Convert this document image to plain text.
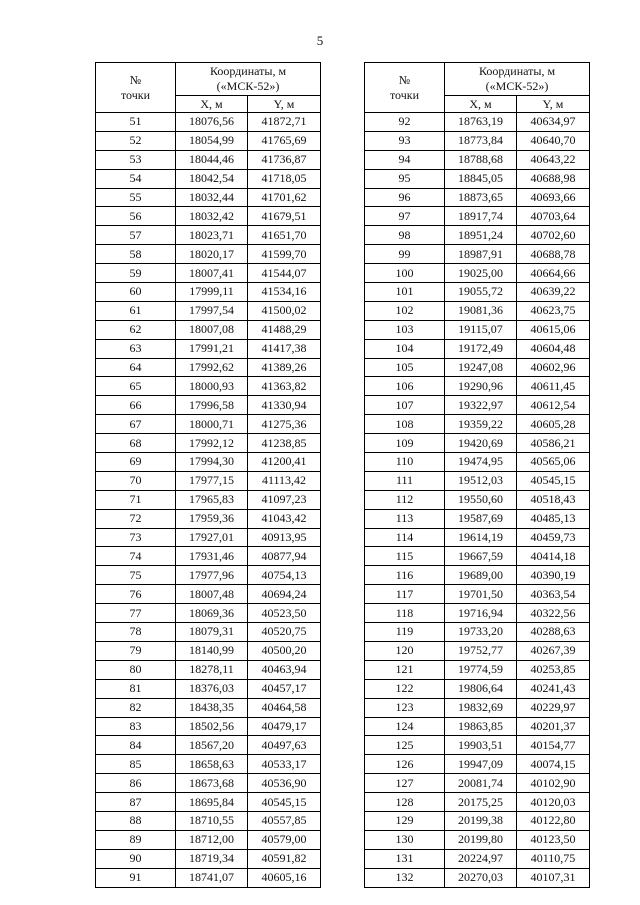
5
№
точки	Координаты, м
(«МСК-52»)	
	X, м	Y, м
51	18076,56	41872,71
52	18054,99	41765,69
53	18044,46	41736,87
54	18042,54	41718,05
55	18032,44	41701,62
56	18032,42	41679,51
57	18023,71	41651,70
58	18020,17	41599,70
59	18007,41	41544,07
60	17999,11	41534,16
61	17997,54	41500,02
62	18007,08	41488,29
63	17991,21	41417,38
64	17992,62	41389,26
65	18000,93	41363,82
66	17996,58	41330,94
67	18000,71	41275,36
68	17992,12	41238,85
69	17994,30	41200,41
70	17977,15	41113,42
71	17965,83	41097,23
72	17959,36	41043,42
73	17927,01	40913,95
74	17931,46	40877,94
75	17977,96	40754,13
76	18007,48	40694,24
77	18069,36	40523,50
78	18079,31	40520,75
79	18140,99	40500,20
80	18278,11	40463,94
81	18376,03	40457,17
82	18438,35	40464,58
83	18502,56	40479,17
84	18567,20	40497,63
85	18658,63	40533,17
86	18673,68	40536,90
87	18695,84	40545,15
88	18710,55	40557,85
89	18712,00	40579,00
90	18719,34	40591,82
91	18741,07	40605,16
№
точки	Координаты, м
(«МСК-52»)	
	X, м	Y, м
92	18763,19	40634,97
93	18773,84	40640,70
94	18788,68	40643,22
95	18845,05	40688,98
96	18873,65	40693,66
97	18917,74	40703,64
98	18951,24	40702,60
99	18987,91	40688,78
100	19025,00	40664,66
101	19055,72	40639,22
102	19081,36	40623,75
103	19115,07	40615,06
104	19172,49	40604,48
105	19247,08	40602,96
106	19290,96	40611,45
107	19322,97	40612,54
108	19359,22	40605,28
109	19420,69	40586,21
110	19474,95	40565,06
111	19512,03	40545,15
112	19550,60	40518,43
113	19587,69	40485,13
114	19614,19	40459,73
115	19667,59	40414,18
116	19689,00	40390,19
117	19701,50	40363,54
118	19716,94	40322,56
119	19733,20	40288,63
120	19752,77	40267,39
121	19774,59	40253,85
122	19806,64	40241,43
123	19832,69	40229,97
124	19863,85	40201,37
125	19903,51	40154,77
126	19947,09	40074,15
127	20081,74	40102,90
128	20175,25	40120,03
129	20199,38	40122,80
130	20199,80	40123,50
131	20224,97	40110,75
132	20270,03	40107,31
